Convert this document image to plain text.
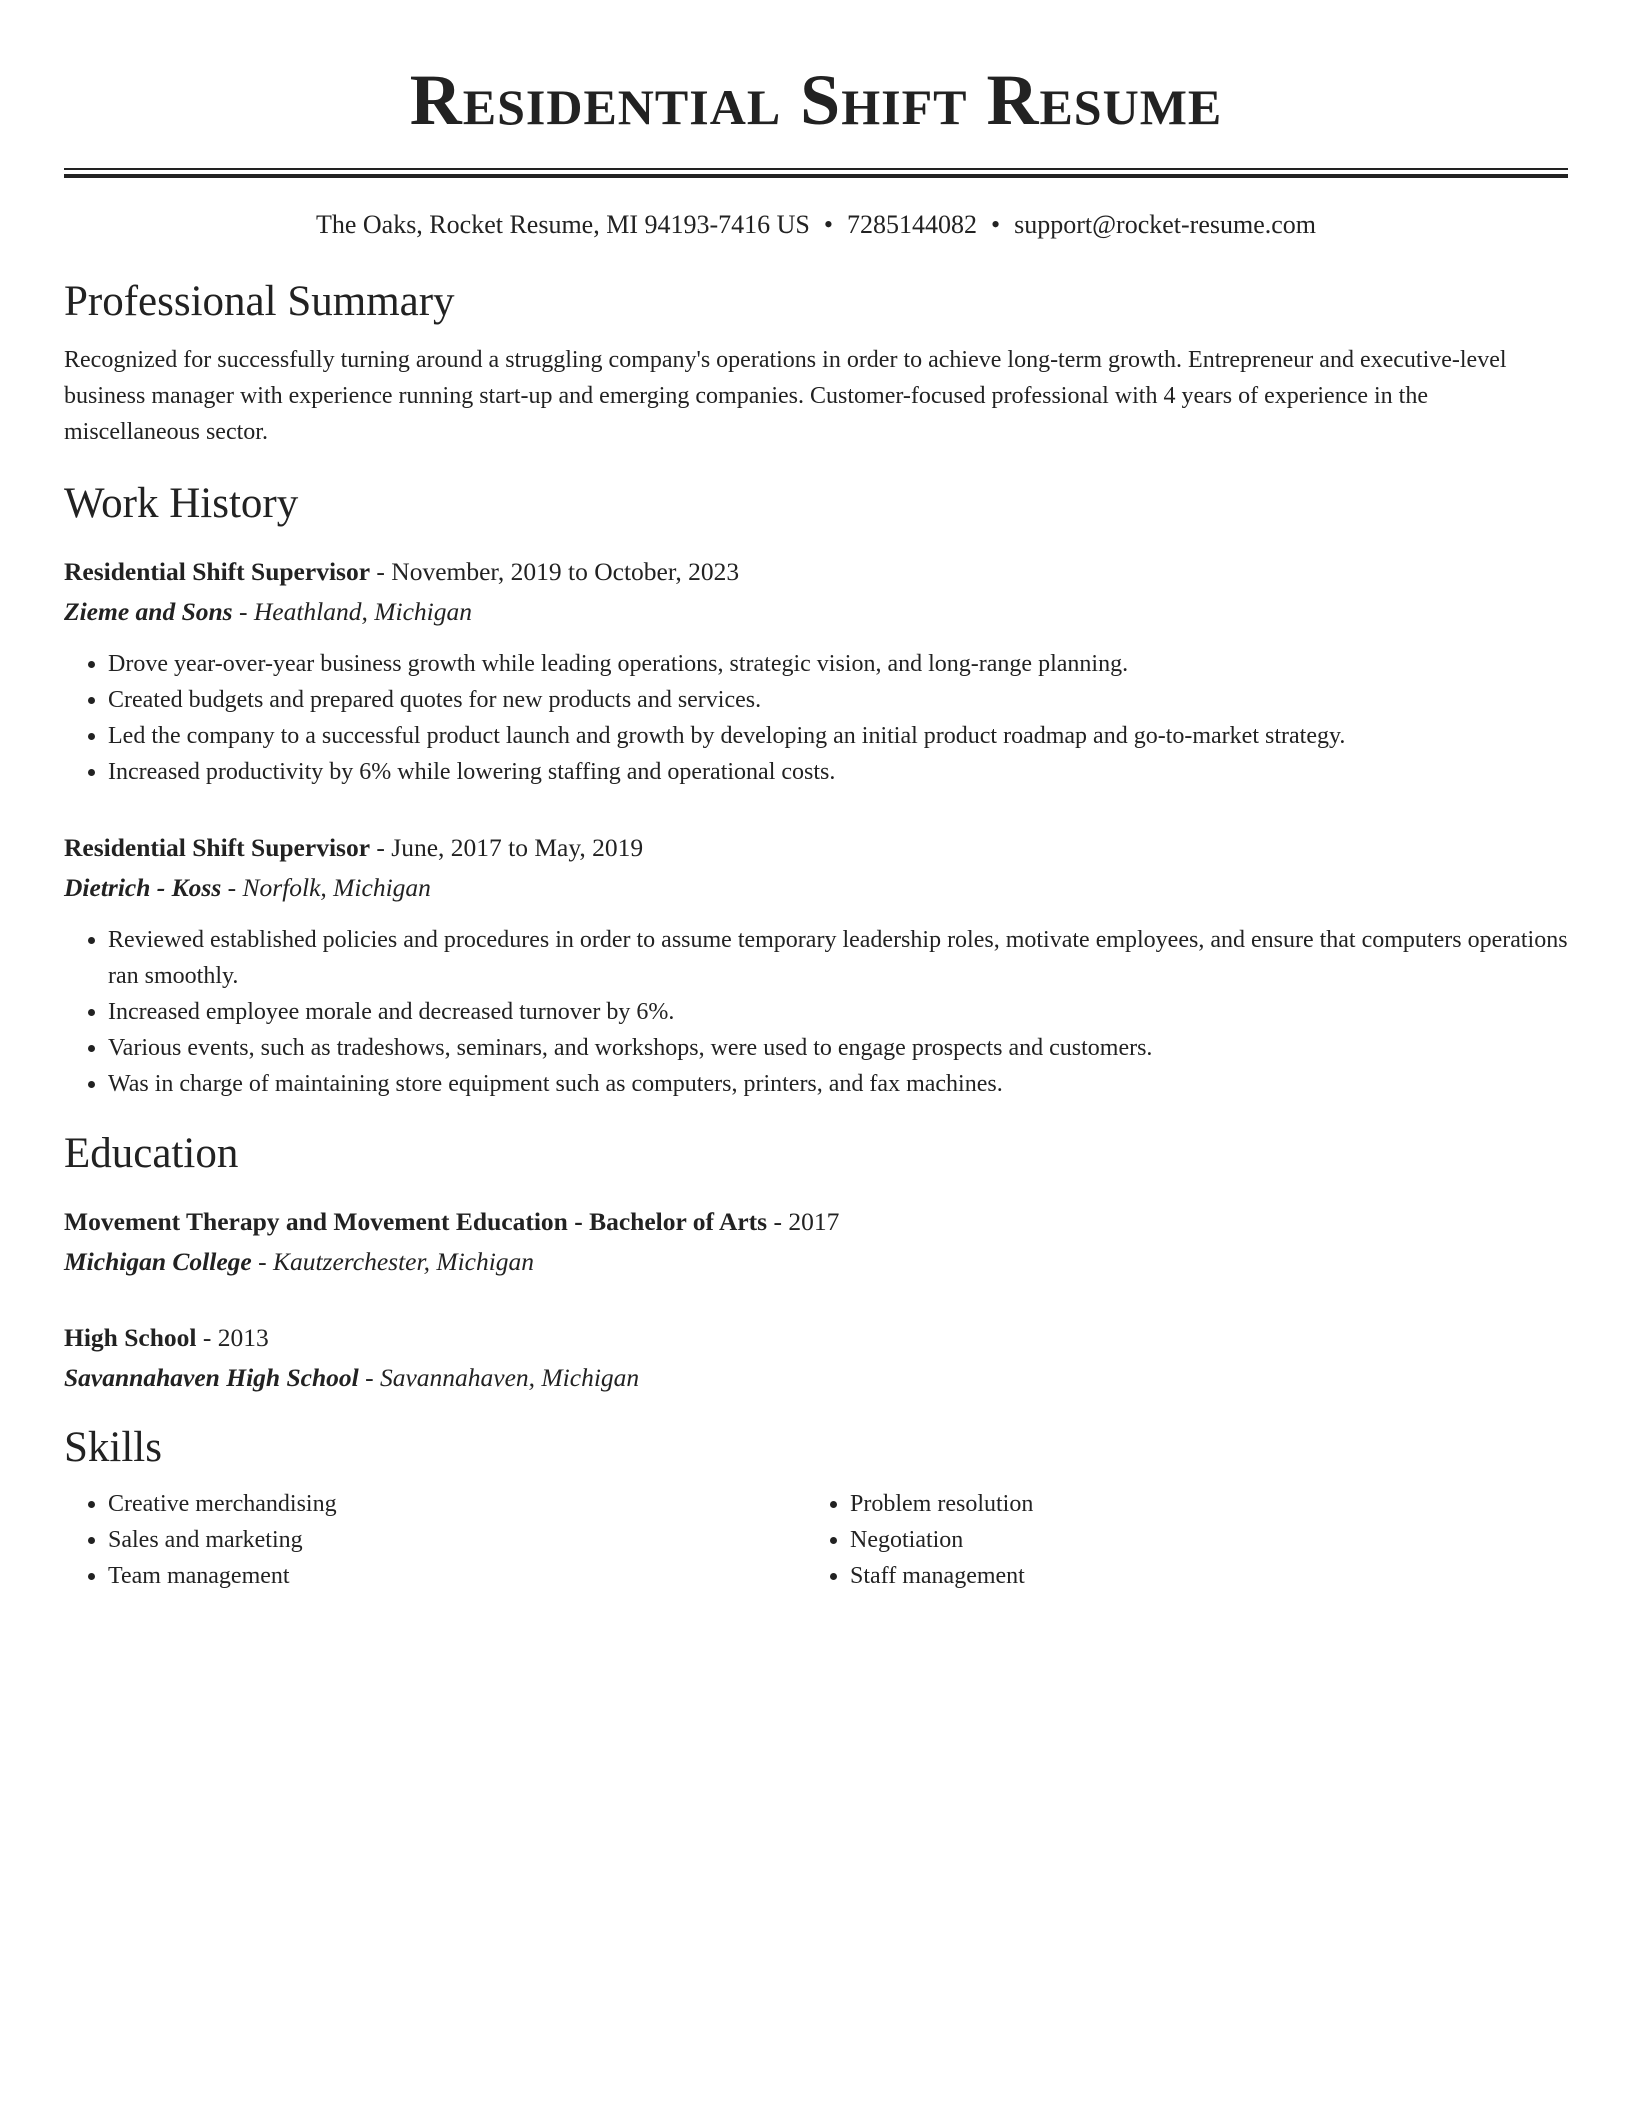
Residential Shift Resume
The Oaks, Rocket Resume, MI 94193-7416 US • 7285144082 • support@rocket-resume.com
Professional Summary
Recognized for successfully turning around a struggling company's operations in order to achieve long-term growth. Entrepreneur and executive-level business manager with experience running start-up and emerging companies. Customer-focused professional with 4 years of experience in the miscellaneous sector.
Work History
Residential Shift Supervisor - November, 2019 to October, 2023
Zieme and Sons - Heathland, Michigan
• Drove year-over-year business growth while leading operations, strategic vision, and long-range planning.
• Created budgets and prepared quotes for new products and services.
• Led the company to a successful product launch and growth by developing an initial product roadmap and go-to-market strategy.
• Increased productivity by 6% while lowering staffing and operational costs.
Residential Shift Supervisor - June, 2017 to May, 2019
Dietrich - Koss - Norfolk, Michigan
• Reviewed established policies and procedures in order to assume temporary leadership roles, motivate employees, and ensure that computers operations ran smoothly.
• Increased employee morale and decreased turnover by 6%.
• Various events, such as tradeshows, seminars, and workshops, were used to engage prospects and customers.
• Was in charge of maintaining store equipment such as computers, printers, and fax machines.
Education
Movement Therapy and Movement Education - Bachelor of Arts - 2017
Michigan College - Kautzerchester, Michigan
High School - 2013
Savannahaven High School - Savannahaven, Michigan
Skills
• Creative merchandising
• Sales and marketing
• Team management
• Problem resolution
• Negotiation
• Staff management
